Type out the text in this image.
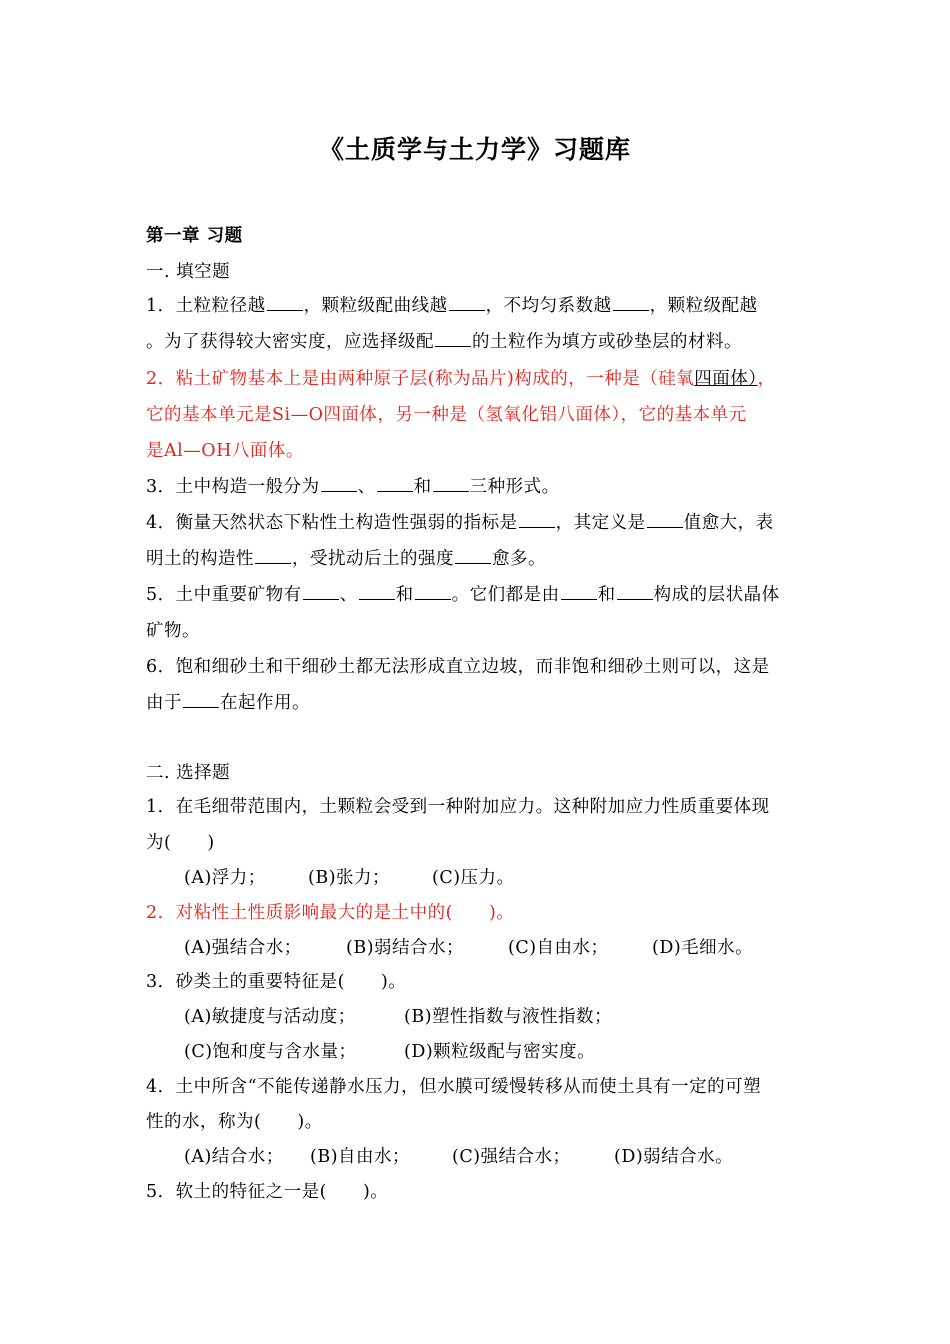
《土质学与土力学》习题库
第一章 习题
一. 填空题
1．土粒粒径越 ，颗粒级配曲线越 ，不均匀系数越 ，颗粒级配越
。为了获得较大密实度，应选择级配 的土粒作为填方或砂垫层的材料。
2．粘土矿物基本上是由两种原子层(称为品片)构成的，一种是（硅氧四面体），
它的基本单元是Si—O四面体，另一种是（氢氧化铝八面体），它的基本单元
是Al—OH八面体。
3．土中构造一般分为 、 和 三种形式。
4．衡量天然状态下粘性土构造性强弱的指标是 ，其定义是 值愈大，表
明土的构造性 ，受扰动后土的强度 愈多。
5．土中重要矿物有 、 和 。它们都是由 和 构成的层状晶体
矿物。
6．饱和细砂土和干细砂土都无法形成直立边坡，而非饱和细砂土则可以，这是
由于 在起作用。
二. 选择题
1．在毛细带范围内，土颗粒会受到一种附加应力。这种附加应力性质重要体现
为(　　)
(A)浮力； (B)张力； (C)压力。
2．对粘性土性质影响最大的是土中的(　　)。
(A)强结合水；	(B)弱结合水；	(C)自由水； (D)毛细水。
3．砂类土的重要特征是(　　)。
(A)敏捷度与活动度；	(B)塑性指数与液性指数；
(C)饱和度与含水量；	(D)颗粒级配与密实度。
4．土中所含“不能传递静水压力，但水膜可缓慢转移从而使土具有一定的可塑
性的水，称为(　　)。
(A)结合水； (B)自由水； (C)强结合水； (D)弱结合水。
5．软土的特征之一是(　　)。
